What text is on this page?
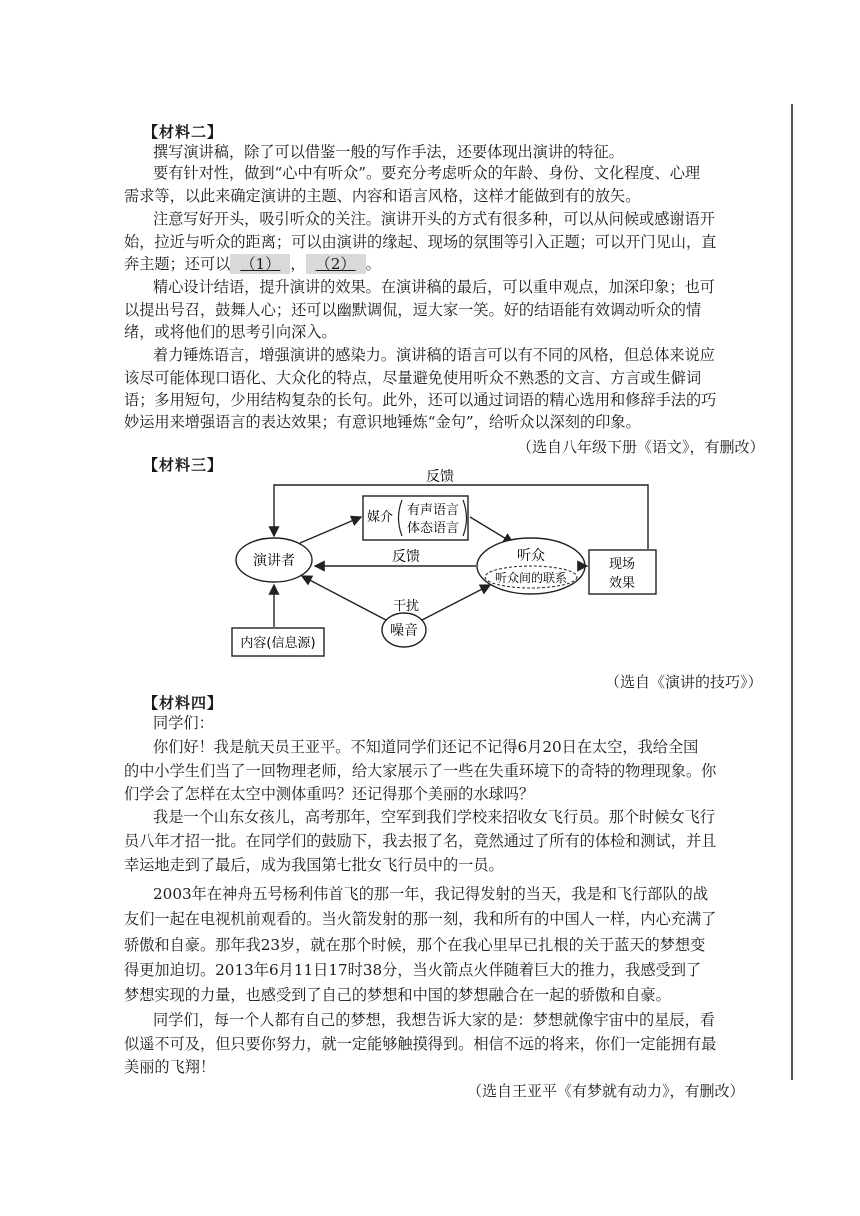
【材料二】
撰写演讲稿，除了可以借鉴一般的写作手法，还要体现出演讲的特征。
要有针对性，做到“心中有听众”。要充分考虑听众的年龄、身份、文化程度、心理
需求等，以此来确定演讲的主题、内容和语言风格，这样才能做到有的放矢。
注意写好开头，吸引听众的关注。演讲开头的方式有很多种，可以从问候或感谢语开
始，拉近与听众的距离；可以由演讲的缘起、现场的氛围等引入正题；可以开门见山，直
奔主题；还可以 （1） ， （2） 。
精心设计结语，提升演讲的效果。在演讲稿的最后，可以重申观点，加深印象；也可
以提出号召，鼓舞人心；还可以幽默调侃，逗大家一笑。好的结语能有效调动听众的情
绪，或将他们的思考引向深入。
着力锤炼语言，增强演讲的感染力。演讲稿的语言可以有不同的风格，但总体来说应
该尽可能体现口语化、大众化的特点，尽量避免使用听众不熟悉的文言、方言或生僻词
语；多用短句，少用结构复杂的长句。此外，还可以通过词语的精心选用和修辞手法的巧
妙运用来增强语言的表达效果；有意识地锤炼“金句”，给听众以深刻的印象。
（选自八年级下册《语文》，有删改）
【材料三】
反馈
演讲者
媒介 有声语言
体态语言
听众
听众间的联系
反馈	现场
效果
噪音
干扰
内容(信息源)
（选自《演讲的技巧》）
【材料四】
同学们：
你们好！我是航天员王亚平。不知道同学们还记不记得6月20日在太空，我给全国
的中小学生们当了一回物理老师，给大家展示了一些在失重环境下的奇特的物理现象。你
们学会了怎样在太空中测体重吗？还记得那个美丽的水球吗？
我是一个山东女孩儿，高考那年，空军到我们学校来招收女飞行员。那个时候女飞行
员八年才招一批。在同学们的鼓励下，我去报了名，竟然通过了所有的体检和测试，并且
幸运地走到了最后，成为我国第七批女飞行员中的一员。
2003年在神舟五号杨利伟首飞的那一年，我记得发射的当天，我是和飞行部队的战
友们一起在电视机前观看的。当火箭发射的那一刻，我和所有的中国人一样，内心充满了
骄傲和自豪。那年我23岁，就在那个时候，那个在我心里早已扎根的关于蓝天的梦想变
得更加迫切。2013年6月11日17时38分，当火箭点火伴随着巨大的推力，我感受到了
梦想实现的力量，也感受到了自己的梦想和中国的梦想融合在一起的骄傲和自豪。
同学们，每一个人都有自己的梦想，我想告诉大家的是：梦想就像宇宙中的星辰，看
似遥不可及，但只要你努力，就一定能够触摸得到。相信不远的将来，你们一定能拥有最
美丽的飞翔！
（选自王亚平《有梦就有动力》，有删改）
